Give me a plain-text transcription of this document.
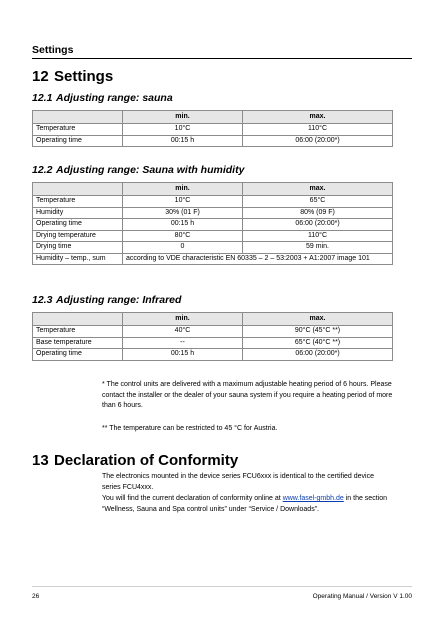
Settings
12 Settings
12.1 Adjusting range: sauna
	min.	max.
Temperature	10°C	110°C
Operating time	00:15 h	06:00 (20:00*)
12.2 Adjusting range: Sauna with humidity
	min.	max.
Temperature	10°C	65°C
Humidity	30% (01 F)	80% (09 F)
Operating time	00:15 h	06:00 (20:00*)
Drying temperature	80°C	110°C
Drying time	0	59 min.
Humidity – temp., sum	according to VDE characteristic EN 60335 – 2 – 53:2003 + A1:2007 image 101	
12.3 Adjusting range: Infrared
	min.	max.
Temperature	40°C	90°C (45°C **)
Base temperature	--	65°C (40°C **)
Operating time	00:15 h	06:00 (20:00*)

* The control units are delivered with a maximum adjustable heating period of 6 hours. Please contact the installer or the dealer of your sauna system if you require a heating period of more than 6 hours.

** The temperature can be restricted to 45 °C for Austria.

13 Declaration of Conformity

The electronics mounted in the device series FCU6xxx is identical to the certified device series FCU4xxx.

You will find the current declaration of conformity online at www.fasel-gmbh.de in the section “Wellness, Sauna and Spa control units” under “Service / Downloads”.

26	Operating Manual / Version V 1.00
